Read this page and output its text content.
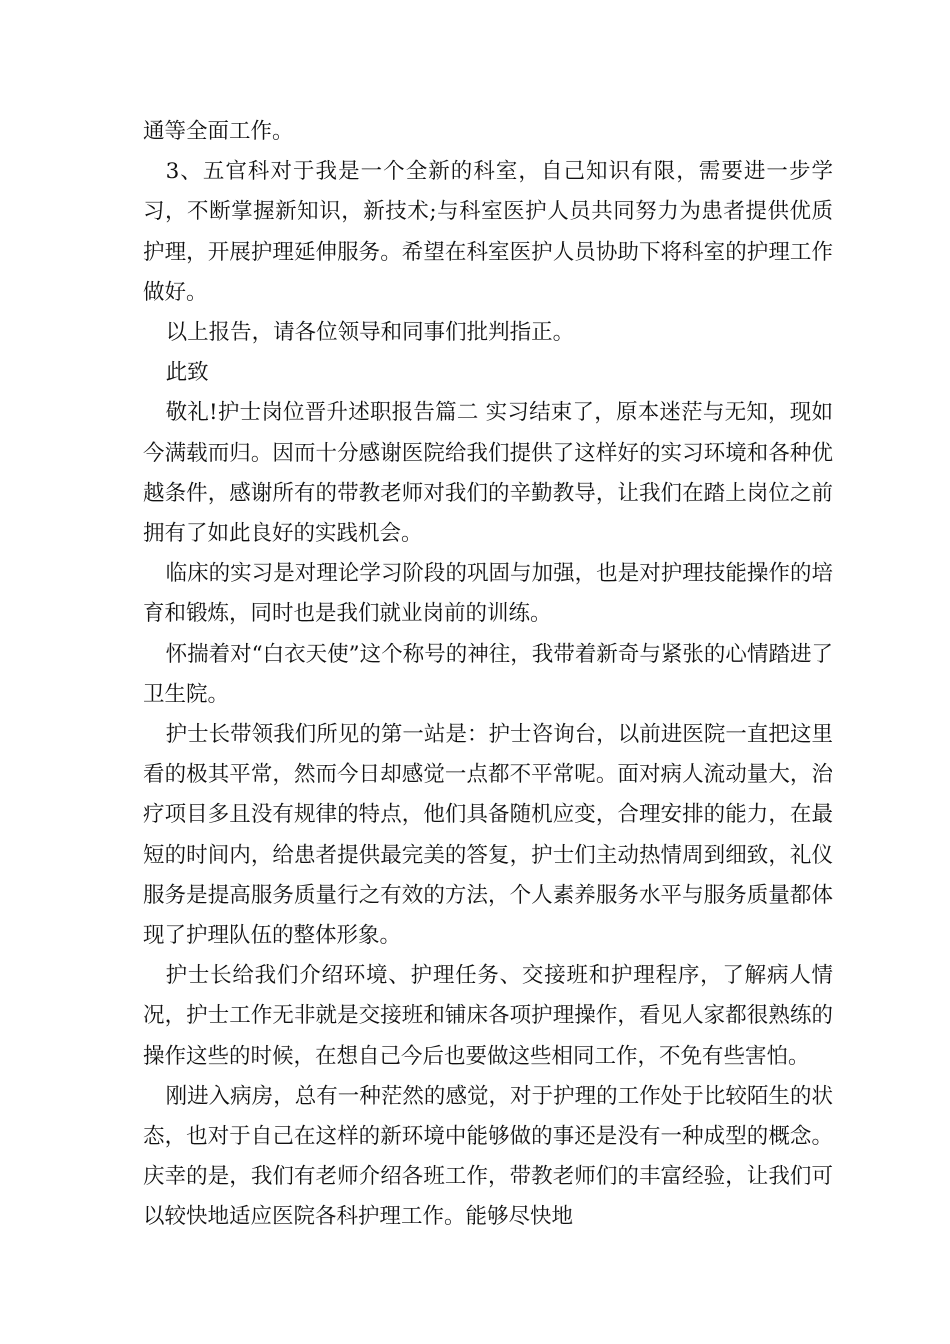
通等全面工作。

3、五官科对于我是一个全新的科室，自己知识有限，需要进一步学习，不断掌握新知识，新技术;与科室医护人员共同努力为患者提供优质护理，开展护理延伸服务。希望在科室医护人员协助下将科室的护理工作做好。

以上报告，请各位领导和同事们批判指正。

此致

敬礼!护士岗位晋升述职报告篇二 实习结束了，原本迷茫与无知，现如今满载而归。因而十分感谢医院给我们提供了这样好的实习环境和各种优越条件，感谢所有的带教老师对我们的辛勤教导，让我们在踏上岗位之前拥有了如此良好的实践机会。

临床的实习是对理论学习阶段的巩固与加强，也是对护理技能操作的培育和锻炼，同时也是我们就业岗前的训练。

怀揣着对“白衣天使”这个称号的神往，我带着新奇与紧张的心情踏进了卫生院。

护士长带领我们所见的第一站是：护士咨询台，以前进医院一直把这里看的极其平常，然而今日却感觉一点都不平常呢。面对病人流动量大，治疗项目多且没有规律的特点，他们具备随机应变，合理安排的能力，在最短的时间内，给患者提供最完美的答复，护士们主动热情周到细致，礼仪服务是提高服务质量行之有效的方法，个人素养服务水平与服务质量都体现了护理队伍的整体形象。

护士长给我们介绍环境、护理任务、交接班和护理程序，了解病人情况，护士工作无非就是交接班和铺床各项护理操作，看见人家都很熟练的操作这些的时候，在想自己今后也要做这些相同工作，不免有些害怕。

刚进入病房，总有一种茫然的感觉，对于护理的工作处于比较陌生的状态，也对于自己在这样的新环境中能够做的事还是没有一种成型的概念。庆幸的是，我们有老师介绍各班工作，带教老师们的丰富经验，让我们可以较快地适应医院各科护理工作。能够尽快地
